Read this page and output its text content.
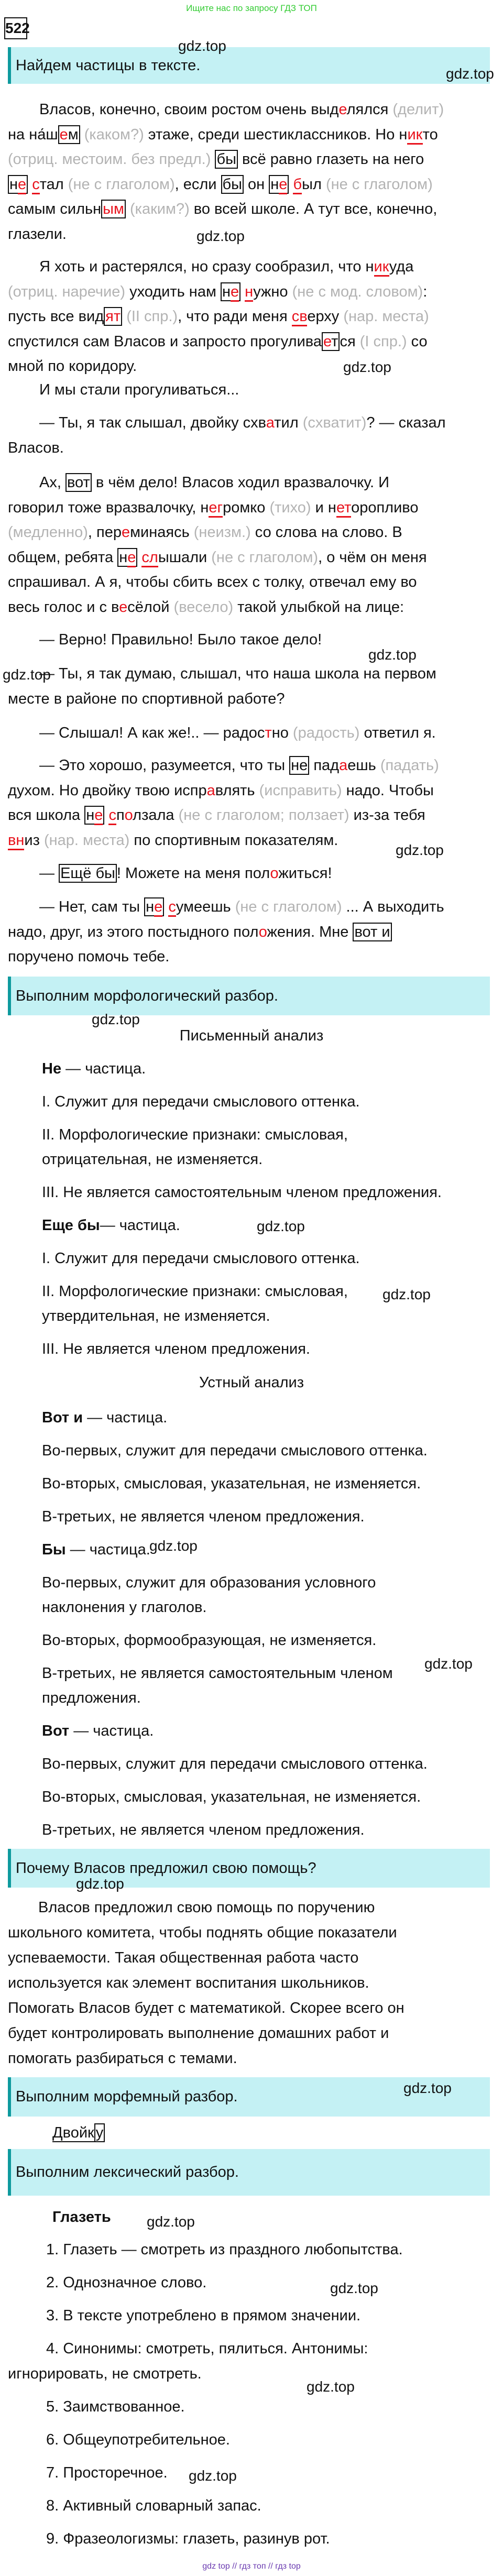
Ищите нас по запросу ГДЗ ТОП
522
Найдем частицы в тексте.
Власов, конечно, своим ростом очень выделялся (делит)
на на́ш ем (каком?) этаже, среди шестиклассников. Но никто
(отриц. местоим. без предл.) бы всё равно глазеть на него
не стал (не с глаголом), если бы он не был (не с глаголом)
самым сильн ым (каким?) во всей школе. А тут все, конечно,
глазели.
Я хоть и растерялся, но сразу сообразил, что никуда
(отриц. наречие) уходить нам не нужно (не с мод. словом):
пусть все вид ят (II спр.), что ради меня сверху (нар. места)
спустился сам Власов и запросто прогулива ет ся (I спр.) со
мной по коридору.
И мы стали прогуливаться...
— Ты, я так слышал, двойку схватил (схватит)? — сказал
Власов.
Ах, вот в чём дело! Власов ходил вразвалочку. И
говорил тоже вразвалочку, негромко (тихо) и неторопливо
(медленно), переминаясь (неизм.) со слова на слово. В
общем, ребята не слышали (не с глаголом), о чём он меня
спрашивал. А я, чтобы сбить всех с толку, отвечал ему во
весь голос и с весёлой (весело) такой улыбкой на лице:
— Верно! Правильно! Было такое дело!
— Ты, я так думаю, слышал, что наша школа на первом
месте в районе по спортивной работе?
— Слышал! А как же!.. — радостно (радость) ответил я.
— Это хорошо, разумеется, что ты не падаешь (падать)
духом. Но двойку твою исправлять (исправить) надо. Чтобы
вся школа не сползала (не с глаголом; ползает) из-за тебя
вниз (нар. места) по спортивным показателям.
— Ещё бы ! Можете на меня положиться!
— Нет, сам ты не сумеешь (не с глаголом) ... А выходить
надо, друг, из этого постыдного положения. Мне вот и
поручено помочь тебе.
Выполним морфологический разбор.
Письменный анализ
Не — частица.
I. Служит для передачи смыслового оттенка.
II. Морфологические признаки: смысловая,
отрицательная, не изменяется.
III. Не является самостоятельным членом предложения.
Еще бы— частица.
I. Служит для передачи смыслового оттенка.
II. Морфологические признаки: смысловая,
утвердительная, не изменяется.
III. Не является членом предложения.
Устный анализ
Вот и — частица.
Во-первых, служит для передачи смыслового оттенка.
Во-вторых, смысловая, указательная, не изменяется.
В-третьих, не является членом предложения.
Бы — частица.
Во-первых, служит для образования условного
наклонения у глаголов.
Во-вторых, формообразующая, не изменяется.
В-третьих, не является самостоятельным членом
предложения.
Вот — частица.
Во-первых, служит для передачи смыслового оттенка.
Во-вторых, смысловая, указательная, не изменяется.
В-третьих, не является членом предложения.
Почему Власов предложил свою помощь?
Власов предложил свою помощь по поручению
школьного комитета, чтобы поднять общие показатели
успеваемости. Такая общественная работа часто
используется как элемент воспитания школьников.
Помогать Власов будет с математикой. Скорее всего он
будет контролировать выполнение домашних работ и
помогать разбираться с темами.
Выполним морфемный разбор.
Двойк у
Выполним лексический разбор.
Глазеть
1. Глазеть — смотреть из праздного любопытства.
2. Однозначное слово.
3. В тексте употреблено в прямом значении.
4. Синонимы: смотреть, пялиться. Антонимы:
игнорировать, не смотреть.
5. Заимствованное.
6. Общеупотребительное.
7. Просторечное.
8. Активный словарный запас.
9. Фразеологизмы: глазеть, разинув рот.
gdz.top
gdz.top
gdz.top
gdz.top
gdz.top
gdz.top
gdz.top
gdz.top
gdz.top
gdz.top
gdz.top
gdz.top
gdz.top
gdz.top
gdz.top
gdz.top
gdz.top
gdz.top
gdz top // гдз топ // гдз top
